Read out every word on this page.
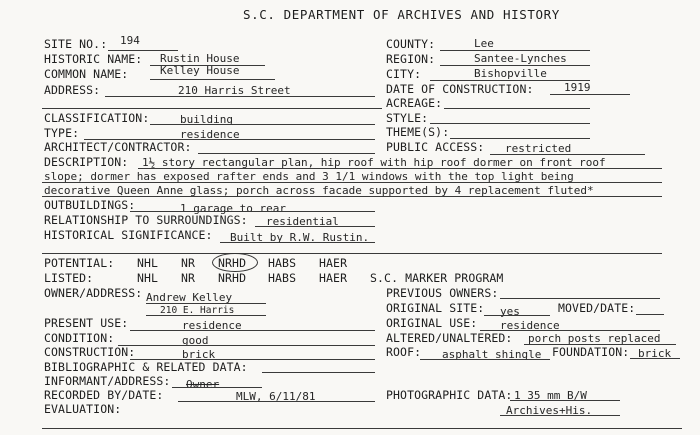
S.C. DEPARTMENT OF ARCHIVES AND HISTORY
SITE NO.: 194
HISTORIC NAME: Rustin House
COMMON NAME:	Kelley House
ADDRESS:	210 Harris Street
CLASSIFICATION:	building
TYPE:	residence
ARCHITECT/CONTRACTOR:
COUNTY:	Lee
REGION:	Santee-Lynches
CITY:	Bishopville
DATE OF CONSTRUCTION:	1919
ACREAGE:
STYLE:
THEME(S):
PUBLIC ACCESS: restricted
DESCRIPTION: 1½ story rectangular plan, hip roof with hip roof dormer on front roof
slope; dormer has exposed rafter ends and 3 1/1 windows with the top light being
decorative Queen Anne glass; porch across facade supported by 4 replacement fluted*
OUTBUILDINGS:	1 garage to rear
RELATIONSHIP TO SURROUNDINGS: residential
HISTORICAL SIGNIFICANCE: Built by R.W. Rustin.
POTENTIAL: NHL NR NRHD HABS HAER
LISTED:	NHL NR NRHD HABS HAER S.C. MARKER PROGRAM
OWNER/ADDRESS: Andrew Kelley
210 E. Harris
PREVIOUS OWNERS:
ORIGINAL SITE: yes	MOVED/DATE:
PRESENT USE:	residence	ORIGINAL USE: residence
CONDITION:	good	ALTERED/UNALTERED: porch posts replaced
CONSTRUCTION:	brick	ROOF: asphalt shingle FOUNDATION: brick
BIBLIOGRAPHIC & RELATED DATA:
INFORMANT/ADDRESS: Owner
RECORDED BY/DATE:	MLW, 6/11/81	PHOTOGRAPHIC DATA: 1 35 mm B/W
Archives+His.
EVALUATION:
